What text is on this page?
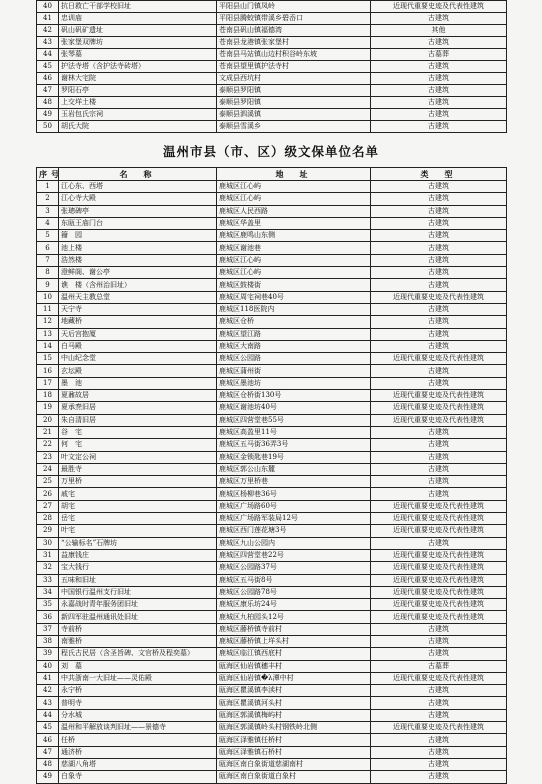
40	抗日救亡干部学校旧址	平阳县山门镇凤岭	近现代重要史迹及代表性建筑
41	忠训庙	平阳县腾蛟镇带溪乡碧岙口	古建筑
42	矾山矾矿遗址	苍南县矾山镇福德湾	其他
43	张家堡双牌坊	苍南县龙港镇张家堡村	古建筑
44	张琴墓	苍南县马站镇山边村积谷岭东坡	古墓葬
45	护法寺塔（含护法寺砖塔）	苍南县望里镇护法寺村	古建筑
46	谢林大宅院	文成县西坑村	古建筑
47	罗阳石亭	泰顺县罗阳镇	古建筑
48	上交垟土楼	泰顺县罗阳镇	古建筑
49	玉岩包氏宗祠	泰顺县泗溪镇	古建筑
50	胡氏大院	泰顺县雪溪乡	古建筑
温州市县（市、区）级文保单位名单
序号	名　称	地　址	类　型
1	江心东、西塔	鹿城区江心屿	古建筑
2	江心寺大殿	鹿城区江心屿	古建筑
3	张璁碑亭	鹿城区人民西路	古建筑
4	东瓯王庙门台	鹿城区华盖里	古建筑
5	籀　园	鹿城区鹿鸣山东侧	古建筑
6	池上楼	鹿城区谢池巷	古建筑
7	浩然楼	鹿城区江心屿	古建筑
8	澄鲜阁、谢公亭	鹿城区江心屿	古建筑
9	谯　楼（含州治旧址）	鹿城区鼓楼街	古建筑
10	温州天主教总堂	鹿城区周宅祠巷40号	近现代重要史迹及代表性建筑
11	天宁寺	鹿城区118医院内	古建筑
12	地藏桥	鹿城区仓桥	古建筑
13	天后宫抱厦	鹿城区望江路	古建筑
14	白马殿	鹿城区大南路	古建筑
15	中山纪念堂	鹿城区公园路	近现代重要史迹及代表性建筑
16	玄坛殿	鹿城区蒲州街	古建筑
17	墨　池	鹿城区墨池坊	古建筑
18	夏鼐故居	鹿城区仓桥街130号	近现代重要史迹及代表性建筑
19	夏承焘旧居	鹿城区谢池坊40号	近现代重要史迹及代表性建筑
20	朱自清旧居	鹿城区四营堂巷55号	近现代重要史迹及代表性建筑
21	谷　宅	鹿城区高盈里11号	古建筑
22	何　宅	鹿城区五马街36弄3号	古建筑
23	叶文定公祠	鹿城区金锁匙巷19号	古建筑
24	最胜寺	鹿城区郭公山东麓	古建筑
25	万里桥	鹿城区万里桥巷	古建筑
26	戚宅	鹿城区杨柳巷36号	古建筑
27	胡宅	鹿城区广场路60号	近现代重要史迹及代表性建筑
28	岳宅	鹿城区广场路军装局12号	近现代重要史迹及代表性建筑
29	叶宅	鹿城区西门莲花塘3号	近现代重要史迹及代表性建筑
30	“公输标名”石牌坊	鹿城区九山公园内	古建筑
31	益康钱庄	鹿城区四营堂巷22号	近现代重要史迹及代表性建筑
32	宝大钱行	鹿城区公园路37号	近现代重要史迹及代表性建筑
33	五味和旧址	鹿城区五马街8号	近现代重要史迹及代表性建筑
34	中国银行温州支行旧址	鹿城区公园路78号	近现代重要史迹及代表性建筑
35	永嘉战时青年服务团旧址	鹿城区康乐坊24号	近现代重要史迹及代表性建筑
36	新四军驻温州通讯处旧址	鹿城区九柏园头12号	近现代重要史迹及代表性建筑
37	寺前桥	鹿城区藤桥镇寺前村	古建筑
38	南雅桥	鹿城区藤桥镇上垟头村	古建筑
39	程氏古民居（含圣旨碑、文官桥及程奕墓）	鹿城区临江镇西底村	古建筑
40	刘　墓	瓯海区仙岩镇穗丰村	古墓葬
41	中共浙南一大旧址——灵佑殿	瓯海区仙岩镇�λ潭中村	近现代重要史迹及代表性建筑
42	永宁桥	瓯海区瞿溪镇李渎村	古建筑
43	普明寺	瓯海区瞿溪镇河头村	古建筑
44	分水城	瓯海区郭溪镇梅屿村	古建筑
45	温州和平解放谈判旧址——景德寺	瓯海区郭溪镇岭头村钢铁岭北侧	近现代重要史迹及代表性建筑
46	任桥	瓯海区泽雅镇任桥村	古建筑
47	通济桥	瓯海区泽雅镇石桥村	古建筑
48	慈湖八角塔	瓯海区南白象街道慈湖南村	古建筑
49	白象寺	瓯海区南白象街道白象村	古建筑
